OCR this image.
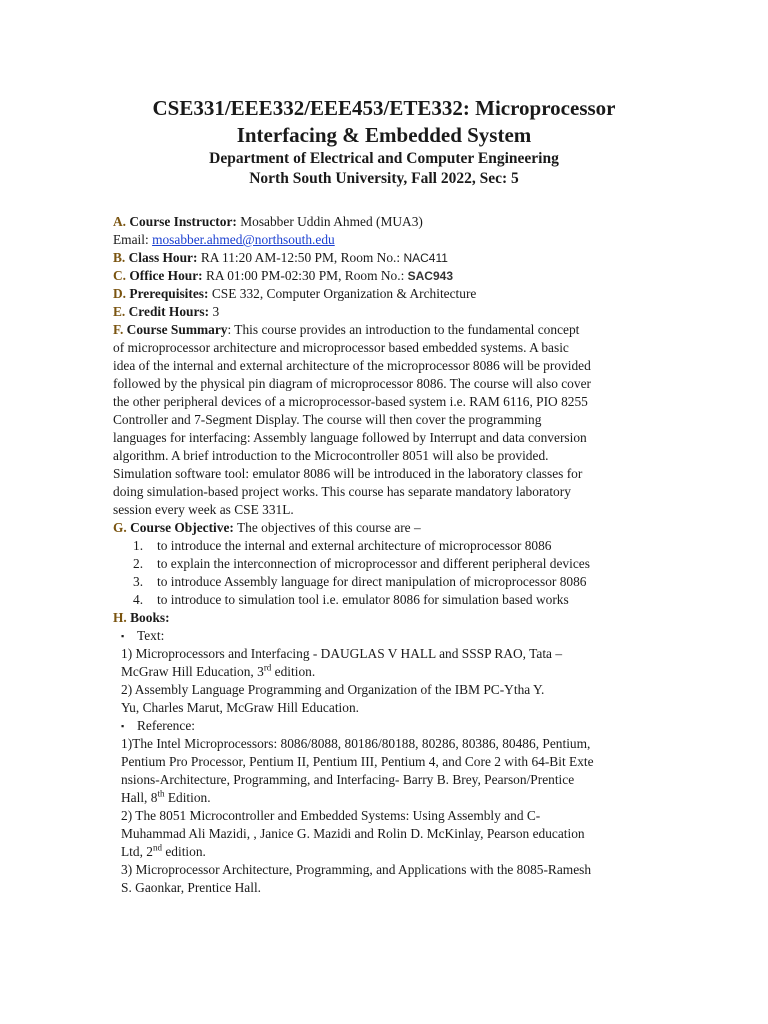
CSE331/EEE332/EEE453/ETE332: Microprocessor
Interfacing & Embedded System
Department of Electrical and Computer Engineering
North South University, Fall 2022, Sec: 5
A. Course Instructor: Mosabber Uddin Ahmed (MUA3)
Email: mosabber.ahmed@northsouth.edu
B. Class Hour: RA 11:20 AM-12:50 PM, Room No.: NAC411
C. Office Hour: RA 01:00 PM-02:30 PM, Room No.: SAC943
D. Prerequisites: CSE 332, Computer Organization & Architecture
E. Credit Hours: 3
F. Course Summary: This course provides an introduction to the fundamental concept
of microprocessor architecture and microprocessor based embedded systems. A basic
idea of the internal and external architecture of the microprocessor 8086 will be provided
followed by the physical pin diagram of microprocessor 8086. The course will also cover
the other peripheral devices of a microprocessor-based system i.e. RAM 6116, PIO 8255
Controller and 7-Segment Display. The course will then cover the programming
languages for interfacing: Assembly language followed by Interrupt and data conversion
algorithm. A brief introduction to the Microcontroller 8051 will also be provided.
Simulation software tool: emulator 8086 will be introduced in the laboratory classes for
doing simulation-based project works. This course has separate mandatory laboratory
session every week as CSE 331L.
G. Course Objective: The objectives of this course are –
1. to introduce the internal and external architecture of microprocessor 8086
2. to explain the interconnection of microprocessor and different peripheral devices
3. to introduce Assembly language for direct manipulation of microprocessor 8086
4. to introduce to simulation tool i.e. emulator 8086 for simulation based works
H. Books:
▪ Text:
1) Microprocessors and Interfacing - DAUGLAS V HALL and SSSP RAO, Tata –
McGraw Hill Education, 3rd edition.
2) Assembly Language Programming and Organization of the IBM PC-Ytha Y.
Yu, Charles Marut, McGraw Hill Education.
▪ Reference:
1)The Intel Microprocessors: 8086/8088, 80186/80188, 80286, 80386, 80486, Pentium,
Pentium Pro Processor, Pentium II, Pentium III, Pentium 4, and Core 2 with 64-Bit Exte
nsions-Architecture, Programming, and Interfacing- Barry B. Brey, Pearson/Prentice
Hall, 8th Edition.
2) The 8051 Microcontroller and Embedded Systems: Using Assembly and C-
Muhammad Ali Mazidi, , Janice G. Mazidi and Rolin D. McKinlay, Pearson education
Ltd, 2nd edition.
3) Microprocessor Architecture, Programming, and Applications with the 8085-Ramesh
S. Gaonkar, Prentice Hall.
